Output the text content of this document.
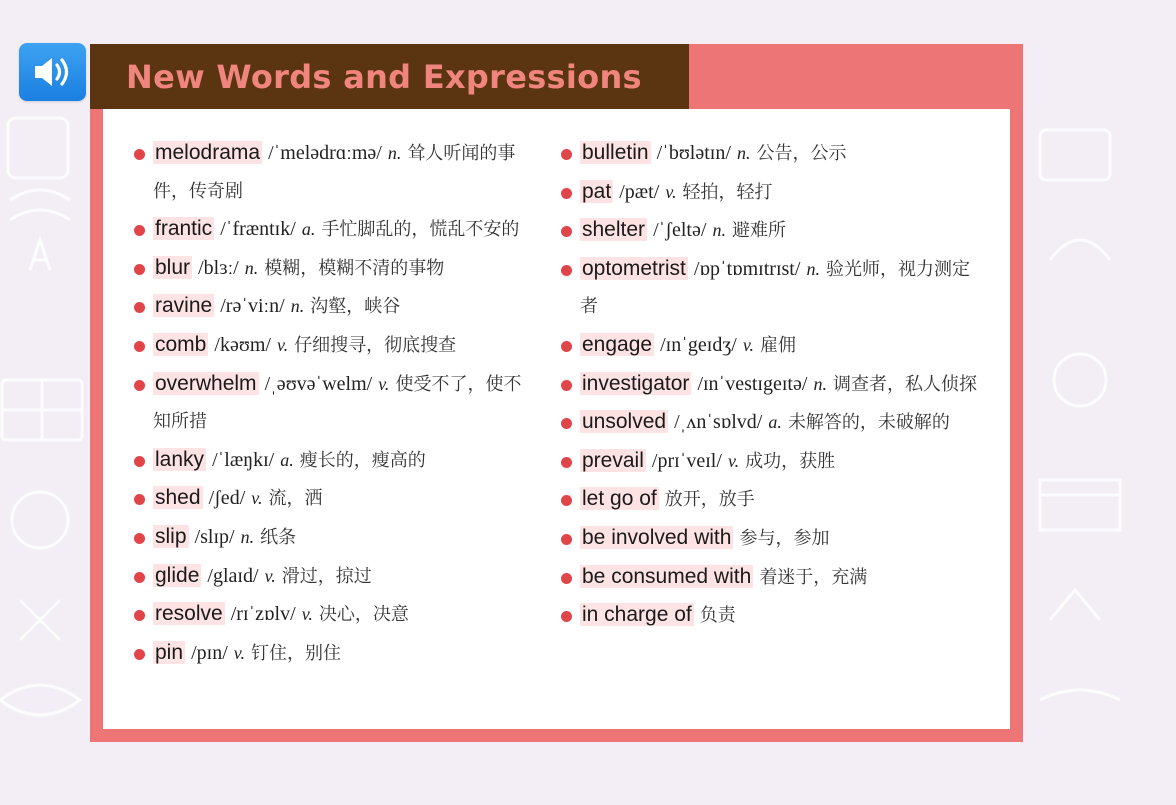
New Words and Expressions
melodrama /ˈmelədrɑːmə/ n. 耸人听闻的事件，传奇剧
frantic /ˈfræntɪk/ a. 手忙脚乱的，慌乱不安的
blur /blɜː/ n. 模糊，模糊不清的事物
ravine /rəˈviːn/ n. 沟壑，峡谷
comb /kəʊm/ v. 仔细搜寻，彻底搜查
overwhelm /ˌəʊvəˈwelm/ v. 使受不了，使不知所措
lanky /ˈlæŋkɪ/ a. 瘦长的，瘦高的
shed /ʃed/ v. 流，洒
slip /slɪp/ n. 纸条
glide /glaɪd/ v. 滑过，掠过
resolve /rɪˈzɒlv/ v. 决心，决意
pin /pɪn/ v. 钉住，别住
bulletin /ˈbʊlətɪn/ n. 公告，公示
pat /pæt/ v. 轻拍，轻打
shelter /ˈʃeltə/ n. 避难所
optometrist /ɒpˈtɒmɪtrɪst/ n. 验光师，视力测定者
engage /ɪnˈgeɪdʒ/ v. 雇佣
investigator /ɪnˈvestɪgeɪtə/ n. 调查者，私人侦探
unsolved /ˌʌnˈsɒlvd/ a. 未解答的，未破解的
prevail /prɪˈveɪl/ v. 成功，获胜
let go of 放开，放手
be involved with 参与，参加
be consumed with 着迷于，充满
in charge of 负责
